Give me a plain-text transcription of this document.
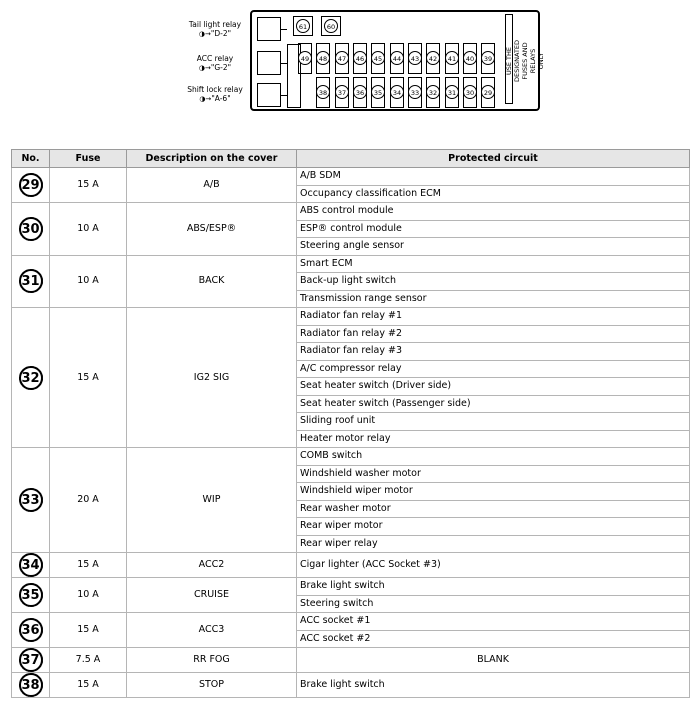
Tail light relay
◑→ "D-2"
ACC relay
◑→ "G-2"
Shift lock relay
◑→ "A-6"
61	60
49	48	47	46	45	44	43	42	41	40	39
38	37	36	35	34	33	32	31	30	29
USE THE DESIGNATED FUSES AND RELAYS ONLY
No.	Fuse	Description on the cover	Protected circuit
29	15 A	A/B	A/B SDM
			Occupancy classification ECM
30	10 A	ABS/ESP®	ABS control module
			ESP® control module
			Steering angle sensor
31	10 A	BACK	Smart ECM
			Back-up light switch
			Transmission range sensor
32	15 A	IG2 SIG	Radiator fan relay #1
			Radiator fan relay #2
			Radiator fan relay #3
			A/C compressor relay
			Seat heater switch (Driver side)
			Seat heater switch (Passenger side)
			Sliding roof unit
			Heater motor relay
33	20 A	WIP	COMB switch
			Windshield washer motor
			Windshield wiper motor
			Rear washer motor
			Rear wiper motor
			Rear wiper relay
34	15 A	ACC2	Cigar lighter (ACC Socket #3)
35	10 A	CRUISE	Brake light switch
			Steering switch
36	15 A	ACC3	ACC socket #1
			ACC socket #2
37	7.5 A	RR FOG	BLANK
38	15 A	STOP	Brake light switch
